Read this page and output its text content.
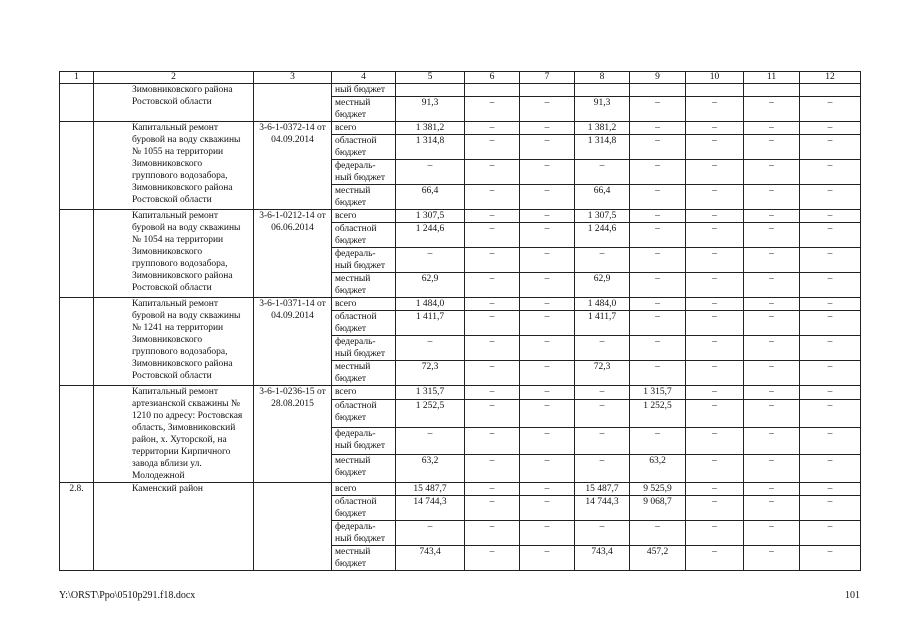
1	2	3	4	5	6	7	8	9	10	11	12
	Зимовниковского района Ростовской области		ный бюджет								
			местный бюджет	91,3	–	–	91,3	–	–	–	–
	Капитальный ремонт буровой на воду скважины № 1055 на территории Зимовниковского группового водозабора, Зимовниковского района Ростовской области	3-6-1-0372-14 от 04.09.2014	всего	1 381,2	–	–	1 381,2	–	–	–	–
			областной бюджет	1 314,8	–	–	1 314,8	–	–	–	–
			федераль-ный бюджет	–	–	–	–	–	–	–	–
			местный бюджет	66,4	–	–	66,4	–	–	–	–
	Капитальный ремонт буровой на воду скважины № 1054 на территории Зимовниковского группового водозабора, Зимовниковского района Ростовской области	3-6-1-0212-14 от 06.06.2014	всего	1 307,5	–	–	1 307,5	–	–	–	–
			областной бюджет	1 244,6	–	–	1 244,6	–	–	–	–
			федераль-ный бюджет	–	–	–	–	–	–	–	–
			местный бюджет	62,9	–	–	62,9	–	–	–	–
	Капитальный ремонт буровой на воду скважины № 1241 на территории Зимовниковского группового водозабора, Зимовниковского района Ростовской области	3-6-1-0371-14 от 04.09.2014	всего	1 484,0	–	–	1 484,0	–	–	–	–
			областной бюджет	1 411,7	–	–	1 411,7	–	–	–	–
			федераль-ный бюджет	–	–	–	–	–	–	–	–
			местный бюджет	72,3	–	–	72,3	–	–	–	–
	Капитальный ремонт артезианской скважины № 1210 по адресу: Ростовская область, Зимовниковский район, х. Хуторской, на территории Кирпичного завода вблизи ул. Молодежной	3-6-1-0236-15 от 28.08.2015	всего	1 315,7	–	–	–	1 315,7	–	–	–
			областной бюджет	1 252,5	–	–	–	1 252,5	–	–	–
			федераль-ный бюджет	–	–	–	–	–	–	–	–
			местный бюджет	63,2	–	–	–	63,2	–	–	–
2.8.	Каменский район		всего	15 487,7	–	–	15 487,7	9 525,9	–	–	–
			областной бюджет	14 744,3	–	–	14 744,3	9 068,7	–	–	–
			федераль-ный бюджет	–	–	–	–	–	–	–	–
			местный бюджет	743,4	–	–	743,4	457,2	–	–	–
Y:\ORST\Ppo\0510p291.f18.docx	101
